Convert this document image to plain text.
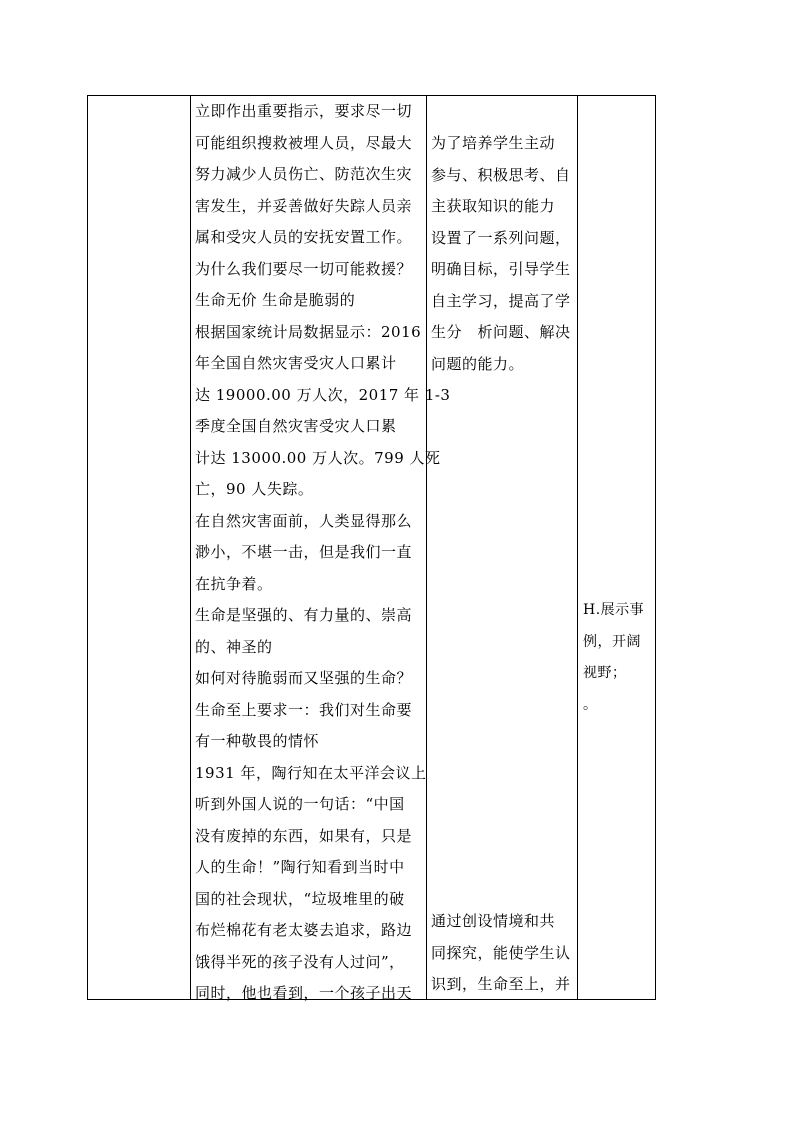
立即作出重要指示，要求尽一切
可能组织搜救被埋人员，尽最大
努力减少人员伤亡、防范次生灾
害发生，并妥善做好失踪人员亲
属和受灾人员的安抚安置工作。
为什么我们要尽一切可能救援？
生命无价 生命是脆弱的
根据国家统计局数据显示：2016
年全国自然灾害受灾人口累计
达 19000.00 万人次，2017 年 1-3
季度全国自然灾害受灾人口累
计达 13000.00 万人次。799 人死
亡，90 人失踪。
在自然灾害面前，人类显得那么
渺小，不堪一击，但是我们一直
在抗争着。
生命是坚强的、有力量的、崇高
的、神圣的
如何对待脆弱而又坚强的生命？
生命至上要求一：我们对生命要
有一种敬畏的情怀
1931 年，陶行知在太平洋会议上
听到外国人说的一句话：“中国
没有废掉的东西，如果有，只是
人的生命！”陶行知看到当时中
国的社会现状，“垃圾堆里的破
布烂棉花有老太婆去追求，路边
饿得半死的孩子没有人过问”，
同时，他也看到，一个孩子出天
为了培养学生主动
参与、积极思考、自
主获取知识的能力
设置了一系列问题，
明确目标，引导学生
自主学习，提高了学
生分　析问题、解决
问题的能力。
通过创设情境和共
同探究，能使学生认
识到，生命至上，并
H.展示事
例，开阔
视野；
。
